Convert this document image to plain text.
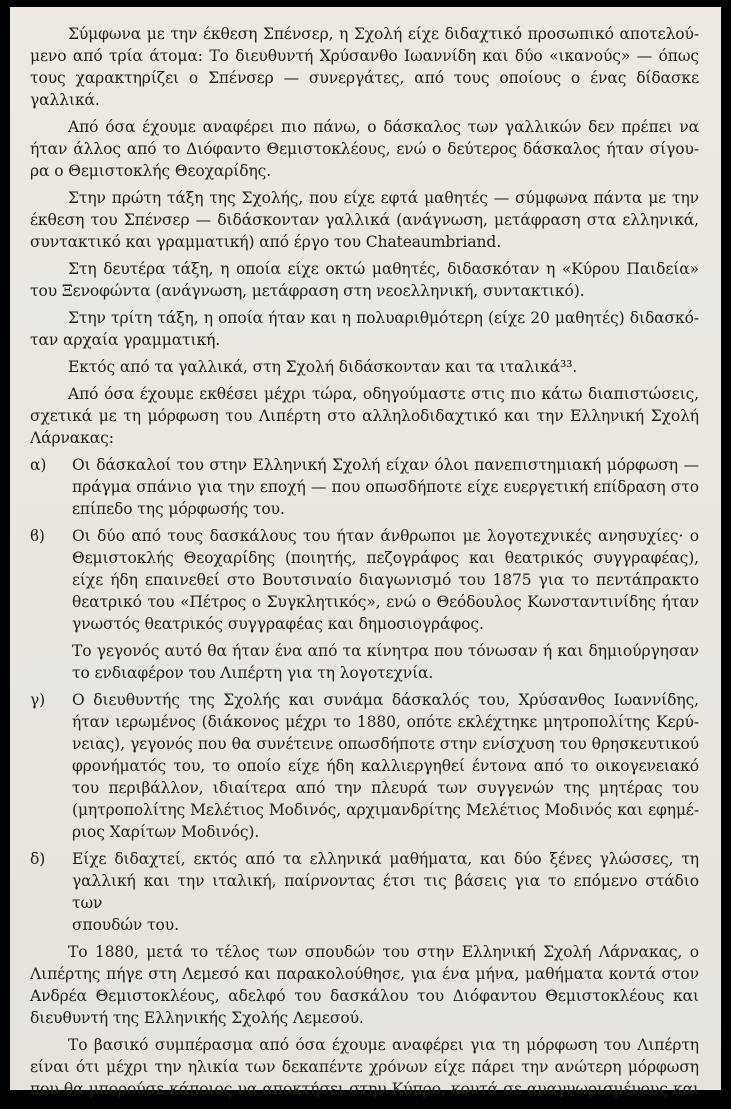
Σύμφωνα με την έκθεση Σπένσερ, η Σχολή είχε διδαχτικό προσωπικό αποτελού-
μενο από τρία άτομα: Το διευθυντή Χρύσανθο Ιωαννίδη και δύο «ικανούς» — όπως
τους χαρακτηρίζει ο Σπένσερ — συνεργάτες, από τους οποίους ο ένας δίδασκε
γαλλικά.
Από όσα έχουμε αναφέρει πιο πάνω, ο δάσκαλος των γαλλικών δεν πρέπει να
ήταν άλλος από το Διόφαντο Θεμιστοκλέους, ενώ ο δεύτερος δάσκαλος ήταν σίγου-
ρα ο Θεμιστοκλής Θεοχαρίδης.
Στην πρώτη τάξη της Σχολής, που είχε εφτά μαθητές — σύμφωνα πάντα με την
έκθεση του Σπένσερ — διδάσκονταν γαλλικά (ανάγνωση, μετάφραση στα ελληνικά,
συντακτικό και γραμματική) από έργο του Chateaumbriand.
Στη δευτέρα τάξη, η οποία είχε οκτώ μαθητές, διδασκόταν η «Κύρου Παιδεία»
του Ξενοφώντα (ανάγνωση, μετάφραση στη νεοελληνική, συντακτικό).
Στην τρίτη τάξη, η οποία ήταν και η πολυαριθμότερη (είχε 20 μαθητές) διδασκό-
ταν αρχαία γραμματική.
Εκτός από τα γαλλικά, στη Σχολή διδάσκονταν και τα ιταλικά³³.
Από όσα έχουμε εκθέσει μέχρι τώρα, οδηγούμαστε στις πιο κάτω διαπιστώσεις,
σχετικά με τη μόρφωση του Λιπέρτη στο αλληλοδιδαχτικό και την Ελληνική Σχολή
Λάρνακας:
α)	Οι δάσκαλοί του στην Ελληνική Σχολή είχαν όλοι πανεπιστημιακή μόρφωση —
πράγμα σπάνιο για την εποχή — που οπωσδήποτε είχε ευεργετική επίδραση στο
επίπεδο της μόρφωσής του.
ϐ)	Οι δύο από τους δασκάλους του ήταν άνθρωποι με λογοτεχνικές ανησυχίες· ο
Θεμιστοκλής Θεοχαρίδης (ποιητής, πεζογράφος και θεατρικός συγγραφέας),
είχε ήδη επαινεθεί στο Βουτσιναίο διαγωνισμό του 1875 για το πεντάπρακτο
θεατρικό του «Πέτρος ο Συγκλητικός», ενώ ο Θεόδουλος Κωνσταντινίδης ήταν
γνωστός θεατρικός συγγραφέας και δημοσιογράφος.
Το γεγονός αυτό θα ήταν ένα από τα κίνητρα που τόνωσαν ή και δημιούργησαν
το ενδιαφέρον του Λιπέρτη για τη λογοτεχνία.
γ)	Ο διευθυντής της Σχολής και συνάμα δάσκαλός του, Χρύσανθος Ιωαννίδης,
ήταν ιερωμένος (διάκονος μέχρι το 1880, οπότε εκλέχτηκε μητροπολίτης Κερύ-
νειας), γεγονός που θα συνέτεινε οπωσδήποτε στην ενίσχυση του θρησκευτικού
φρονήματός του, το οποίο είχε ήδη καλλιεργηθεί έντονα από το οικογενειακό
του περιβάλλον, ιδιαίτερα από την πλευρά των συγγενών της μητέρας του
(μητροπολίτης Μελέτιος Μοδινός, αρχιμανδρίτης Μελέτιος Μοδινός και εφημέ-
ριος Χαρίτων Μοδινός).
δ)	Είχε διδαχτεί, εκτός από τα ελληνικά μαθήματα, και δύο ξένες γλώσσες, τη
γαλλική και την ιταλική, παίρνοντας έτσι τις βάσεις για το επόμενο στάδιο των
σπουδών του.
Το 1880, μετά το τέλος των σπουδών του στην Ελληνική Σχολή Λάρνακας, ο
Λιπέρτης πήγε στη Λεμεσό και παρακολούθησε, για ένα μήνα, μαθήματα κοντά στον
Ανδρέα Θεμιστοκλέους, αδελφό του δασκάλου του Διόφαντου Θεμιστοκλέους και
διευθυντή της Ελληνικής Σχολής Λεμεσού.
Το βασικό συμπέρασμα από όσα έχουμε αναφέρει για τη μόρφωση του Λιπέρτη
είναι ότι μέχρι την ηλικία των δεκαπέντε χρόνων είχε πάρει την ανώτερη μόρφωση
που θα μπορούσε κάποιος να αποκτήσει στην Κύπρο, κοντά σε αναγνωρισμένους και
